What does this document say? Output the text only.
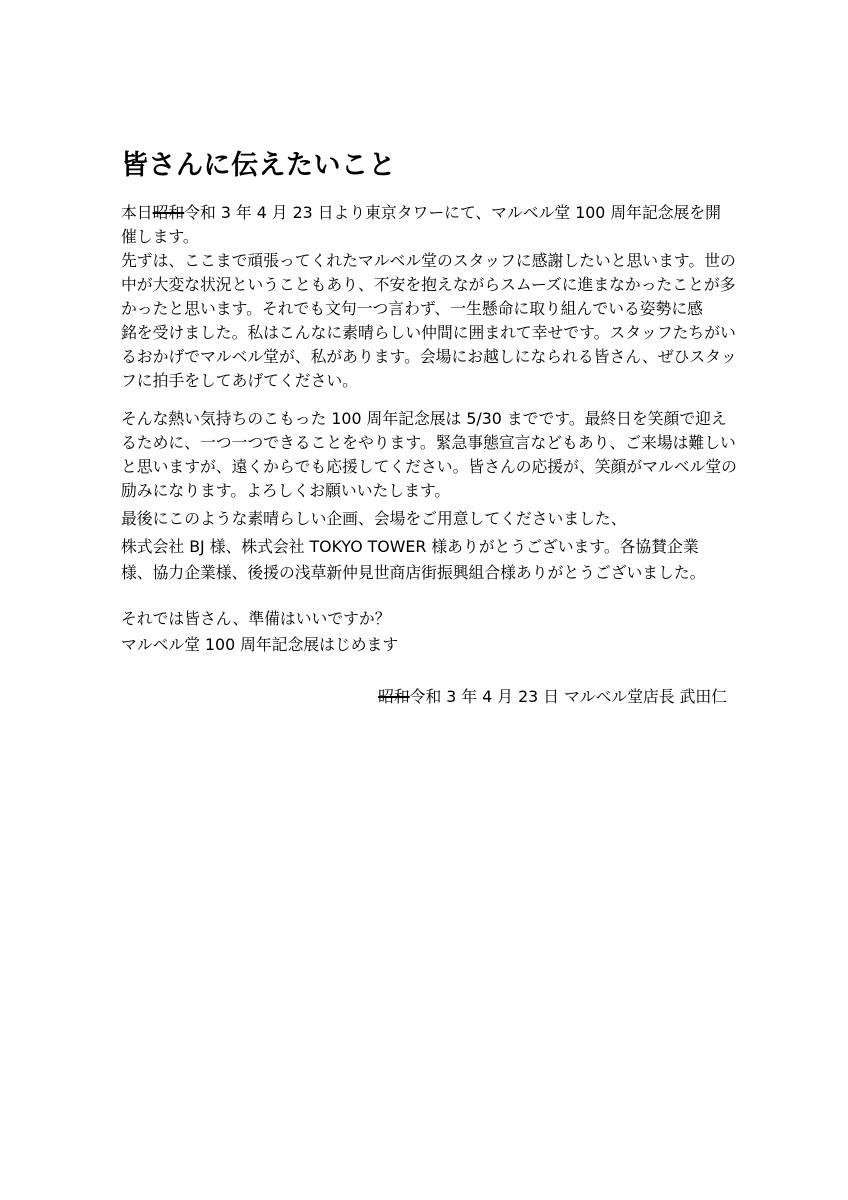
皆さんに伝えたいこと
本日昭和令和 3 年 4 月 23 日より東京タワーにて、マルベル堂 100 周年記念展を開
催します。
先ずは、ここまで頑張ってくれたマルベル堂のスタッフに感謝したいと思います。世の
中が大変な状況ということもあり、不安を抱えながらスムーズに進まなかったことが多
かったと思います。それでも文句一つ言わず、一生懸命に取り組んでいる姿勢に感
銘を受けました。私はこんなに素晴らしい仲間に囲まれて幸せです。スタッフたちがい
るおかげでマルベル堂が、私があります。会場にお越しになられる皆さん、ぜひスタッ
フに拍手をしてあげてください。
そんな熱い気持ちのこもった 100 周年記念展は 5/30 までです。最終日を笑顔で迎え
るために、一つ一つできることをやります。緊急事態宣言などもあり、ご来場は難しい
と思いますが、遠くからでも応援してください。皆さんの応援が、笑顔がマルベル堂の
励みになります。よろしくお願いいたします。
最後にこのような素晴らしい企画、会場をご用意してくださいました、
株式会社 BJ 様、株式会社 TOKYO TOWER 様ありがとうございます。各協賛企業
様、協力企業様、後援の浅草新仲見世商店街振興組合様ありがとうございました。
それでは皆さん、準備はいいですか？
マルベル堂 100 周年記念展はじめます
昭和令和 3 年 4 月 23 日 マルベル堂店長 武田仁
